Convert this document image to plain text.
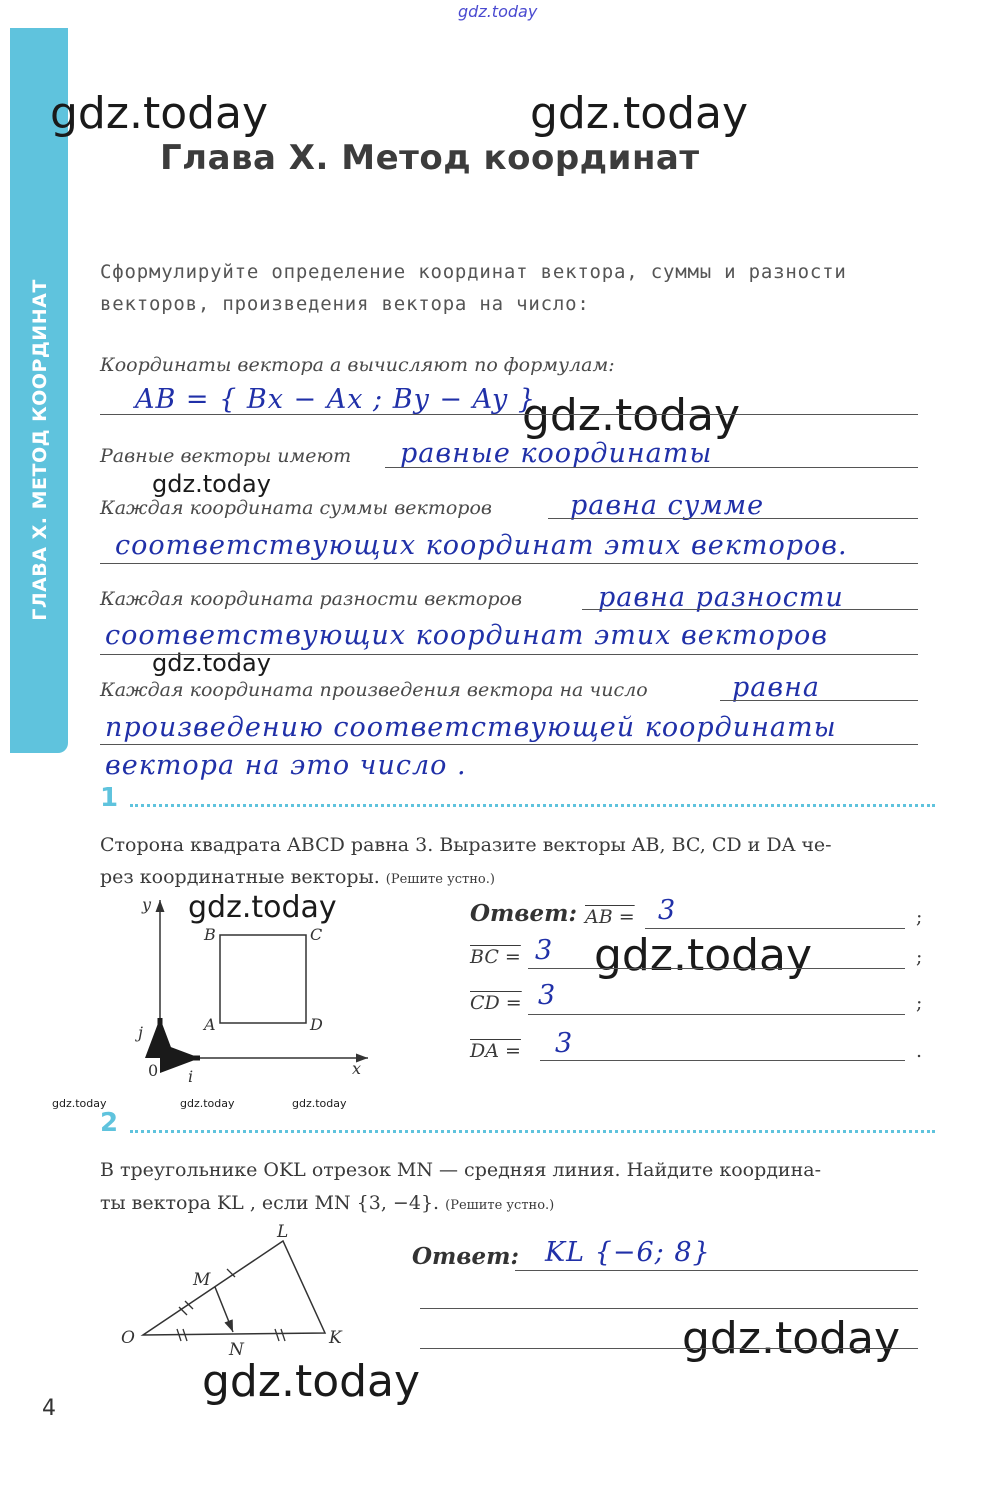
ГЛАВА X. МЕТОД КООРДИНАТ
gdz.today
gdz.today	gdz.today
gdz.today
gdz.today
gdz.today
gdz.today
gdz.today
gdz.today	gdz.today	gdz.today
gdz.today
gdz.today
Глава X. Метод координат
Сформулируйте определение координат вектора, суммы и разности векторов, произведения вектора на число:
Координаты вектора a вычисляют по формулам:
AB = { Bx − Ax ; By − Ay }
Равные векторы имеют равные координаты
Каждая координата суммы векторов	равна сумме
соответствующих координат этих векторов.
Каждая координата разности векторов	равна разности
соответствующих координат этих векторов
Каждая координата произведения вектора на число	равна
произведению соответствующей координаты
вектора на это число .
1
Сторона квадрата ABCD равна 3. Выразите векторы AB, BC, CD и DA че-
рез координатные векторы. (Решите устно.)
y
x
0
j
i
B	C
A	D
Ответ: AB = 3	;
BC = 3	;
CD = 3	;
DA = 3	.
2
В треугольнике OKL отрезок MN — средняя линия. Найдите координа-
ты вектора KL , если MN {3, −4}. (Решите устно.)
L
M
O
N
K
Ответ: KL {−6; 8}
4
